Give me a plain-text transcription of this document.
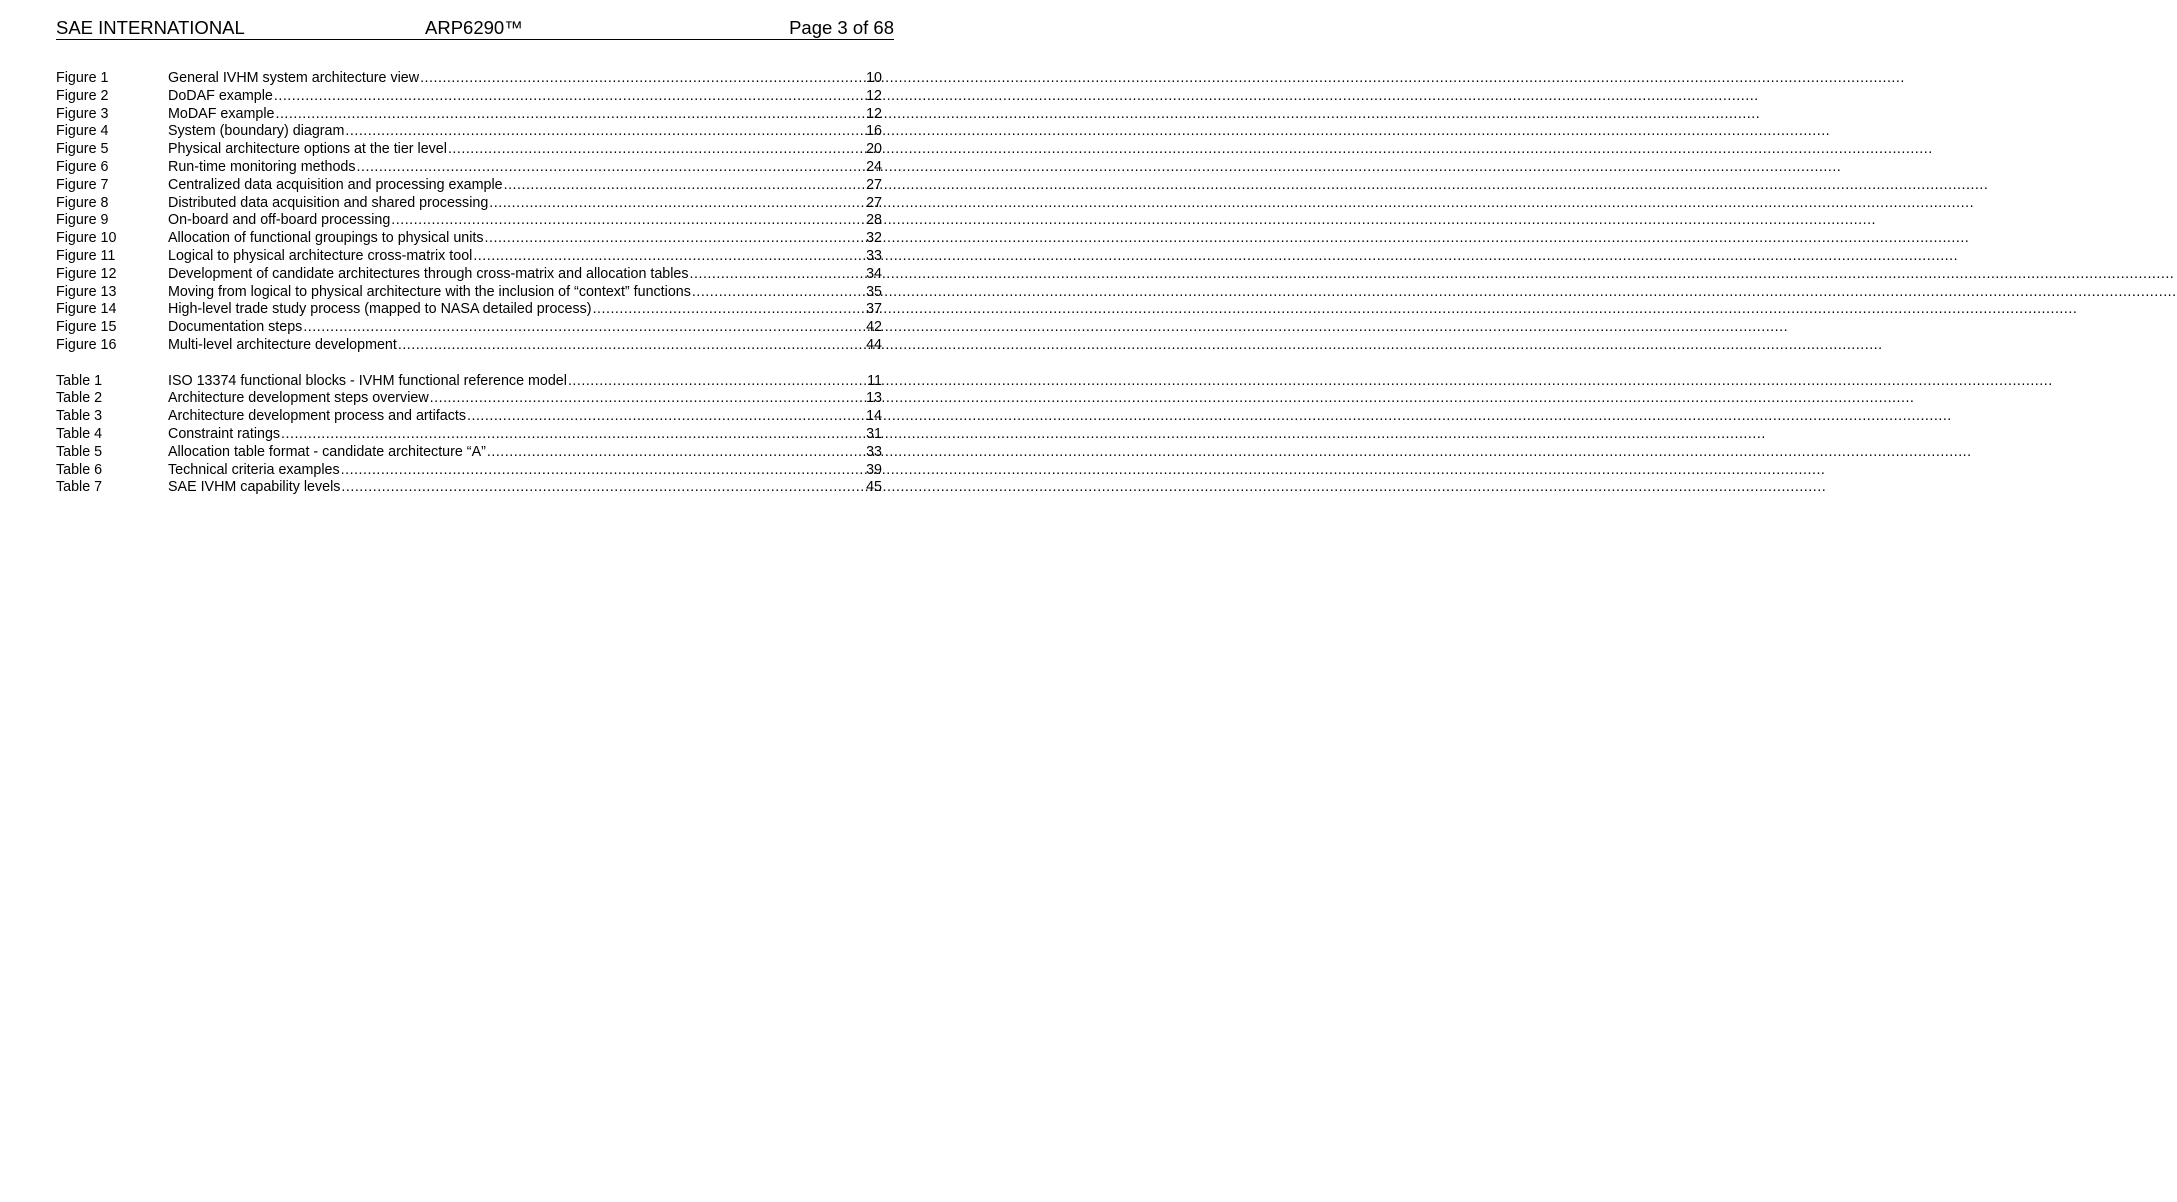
SAE INTERNATIONAL	ARP6290™	Page 3 of 68
Figure 1	General IVHM system architecture view .....	10
Figure 2	DoDAF example .....	12
Figure 3	MoDAF example .....	12
Figure 4	System (boundary) diagram .....	16
Figure 5	Physical architecture options at the tier level .....	20
Figure 6	Run-time monitoring methods .....	24
Figure 7	Centralized data acquisition and processing example .....	27
Figure 8	Distributed data acquisition and shared processing .....	27
Figure 9	On-board and off-board processing .....	28
Figure 10	Allocation of functional groupings to physical units .....	32
Figure 11	Logical to physical architecture cross-matrix tool .....	33
Figure 12	Development of candidate architectures through cross-matrix and allocation tables .....	34
Figure 13	Moving from logical to physical architecture with the inclusion of “context” functions .....	35
Figure 14	High-level trade study process (mapped to NASA detailed process) .....	37
Figure 15	Documentation steps .....	42
Figure 16	Multi-level architecture development .....	44
Table 1	ISO 13374 functional blocks - IVHM functional reference model .....	11
Table 2	Architecture development steps overview .....	13
Table 3	Architecture development process and artifacts .....	14
Table 4	Constraint ratings .....	31
Table 5	Allocation table format - candidate architecture “A” .....	33
Table 6	Technical criteria examples .....	39
Table 7	SAE IVHM capability levels .....	45
